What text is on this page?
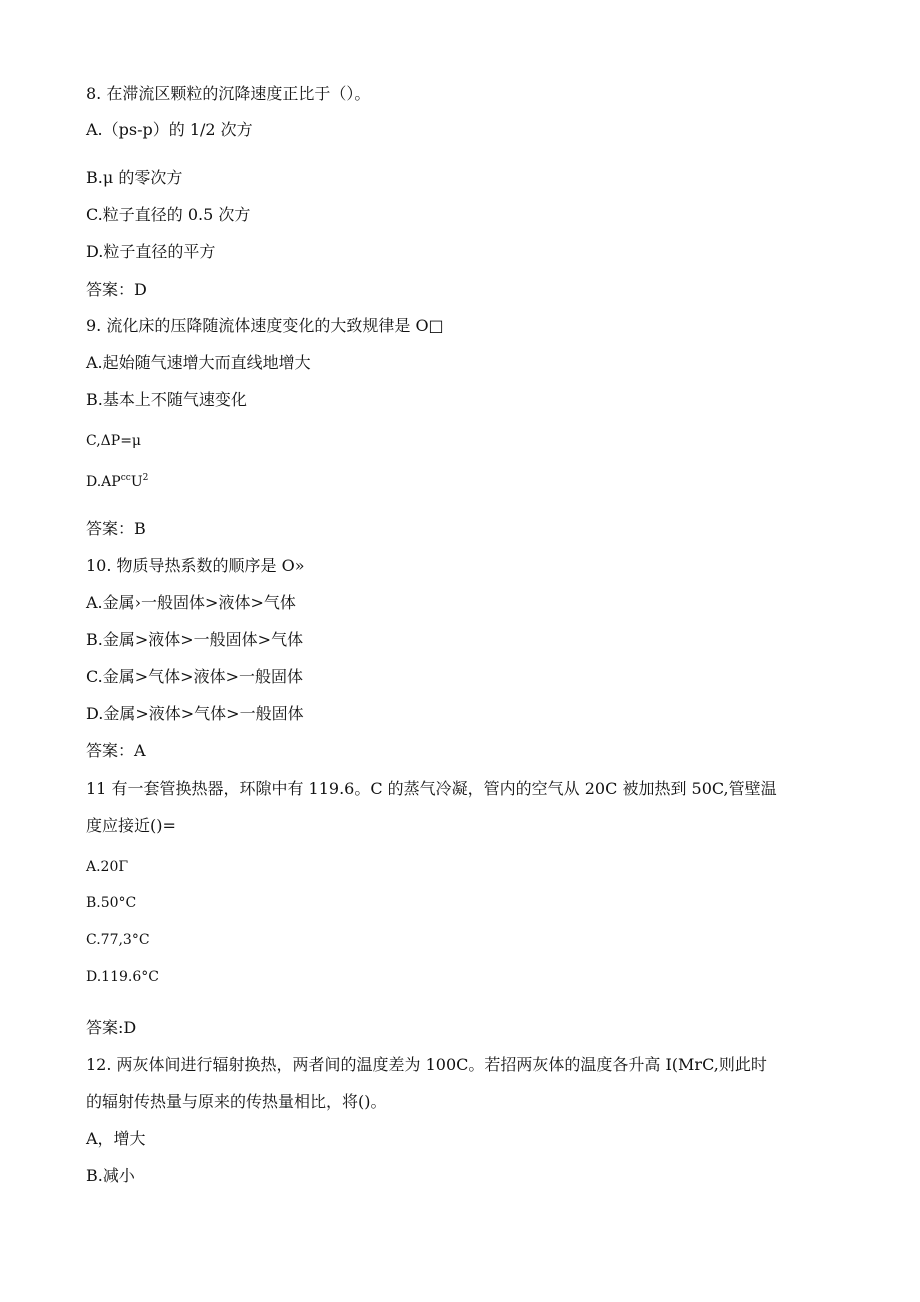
8. 在滞流区颗粒的沉降速度正比于（）。
A.（ps-p）的 1/2 次方
B.μ 的零次方
C.粒子直径的 0.5 次方
D.粒子直径的平方
答案：D
9. 流化床的压降随流体速度变化的大致规律是 O□
A.起始随气速增大而直线地增大
B.基本上不随气速变化
C,ΔP=μ
$D.AP^{cc}U^2$
答案：B
10. 物质导热系数的顺序是 O»
A.金属›一般固体>液体>气体
B.金属>液体>一般固体>气体
C.金属>气体>液体>一般固体
D.金属>液体>气体>一般固体
答案：A
11 有一套管换热器，环隙中有 119.6。C 的蒸气冷凝，管内的空气从 20C 被加热到 50C,管壁温
度应接近()=
A.20Γ
B.50°C
C.77,3°C
D.119.6°C
答案:D
12. 两灰体间进行辐射换热，两者间的温度差为 100C。若招两灰体的温度各升高 I(MrC,则此时
的辐射传热量与原来的传热量相比，将()。
A，增大
B.减小
